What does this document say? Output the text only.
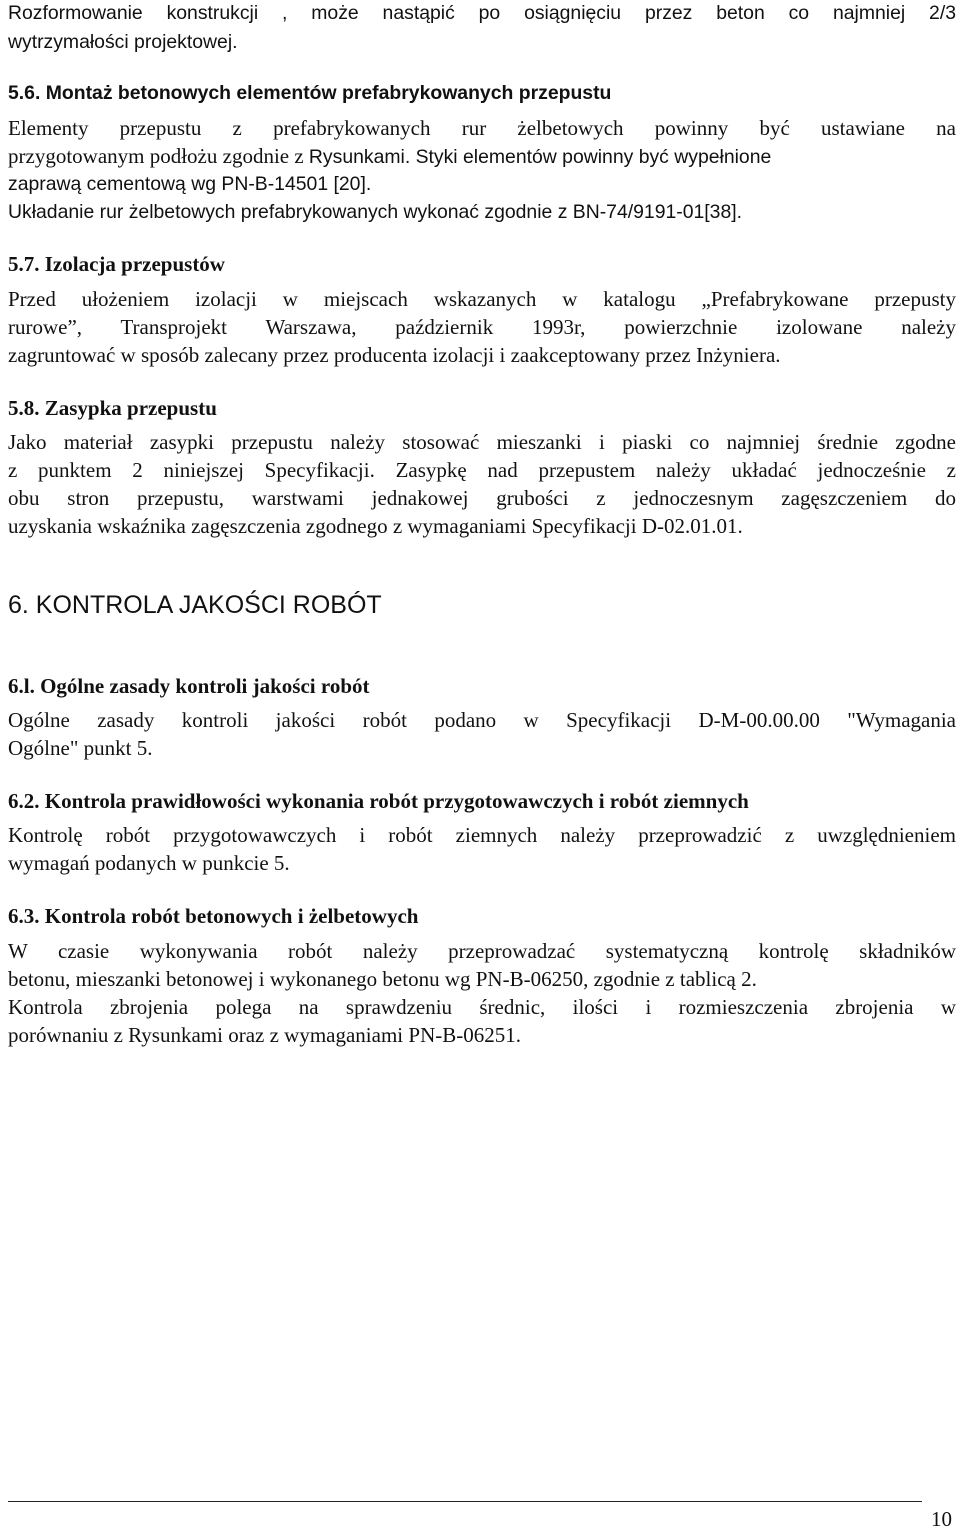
Rozformowanie konstrukcji , może nastąpić po osiągnięciu przez beton co najmniej 2/3
wytrzymałości projektowej.
5.6. Montaż betonowych elementów prefabrykowanych przepustu
Elementy przepustu z prefabrykowanych rur żelbetowych powinny być ustawiane na
przygotowanym podłożu zgodnie z Rysunkami. Styki elementów powinny być wypełnione
zaprawą cementową wg PN-B-14501 [20].
Układanie rur żelbetowych prefabrykowanych wykonać zgodnie z BN-74/9191-01[38].
5.7. Izolacja przepustów
Przed ułożeniem izolacji w miejscach wskazanych w katalogu „Prefabrykowane przepusty
rurowe”, Transprojekt Warszawa, październik 1993r, powierzchnie izolowane należy
zagruntować w sposób zalecany przez producenta izolacji i zaakceptowany przez Inżyniera.
5.8. Zasypka przepustu
Jako materiał zasypki przepustu należy stosować mieszanki i piaski co najmniej średnie zgodne
z punktem 2 niniejszej Specyfikacji. Zasypkę nad przepustem należy układać jednocześnie z
obu stron przepustu, warstwami jednakowej grubości z jednoczesnym zagęszczeniem do
uzyskania wskaźnika zagęszczenia zgodnego z wymaganiami Specyfikacji D-02.01.01.
6. KONTROLA JAKOŚCI ROBÓT
6.l. Ogólne zasady kontroli jakości robót
Ogólne zasady kontroli jakości robót podano w Specyfikacji D-M-00.00.00 "Wymagania
Ogólne" punkt 5.
6.2. Kontrola prawidłowości wykonania robót przygotowawczych i robót ziemnych
Kontrolę robót przygotowawczych i robót ziemnych należy przeprowadzić z uwzględnieniem
wymagań podanych w punkcie 5.
6.3. Kontrola robót betonowych i żelbetowych
W czasie wykonywania robót należy przeprowadzać systematyczną kontrolę składników
betonu, mieszanki betonowej i wykonanego betonu wg PN-B-06250, zgodnie z tablicą 2.
Kontrola zbrojenia polega na sprawdzeniu średnic, ilości i rozmieszczenia zbrojenia w
porównaniu z Rysunkami oraz z wymaganiami PN-B-06251.
10
